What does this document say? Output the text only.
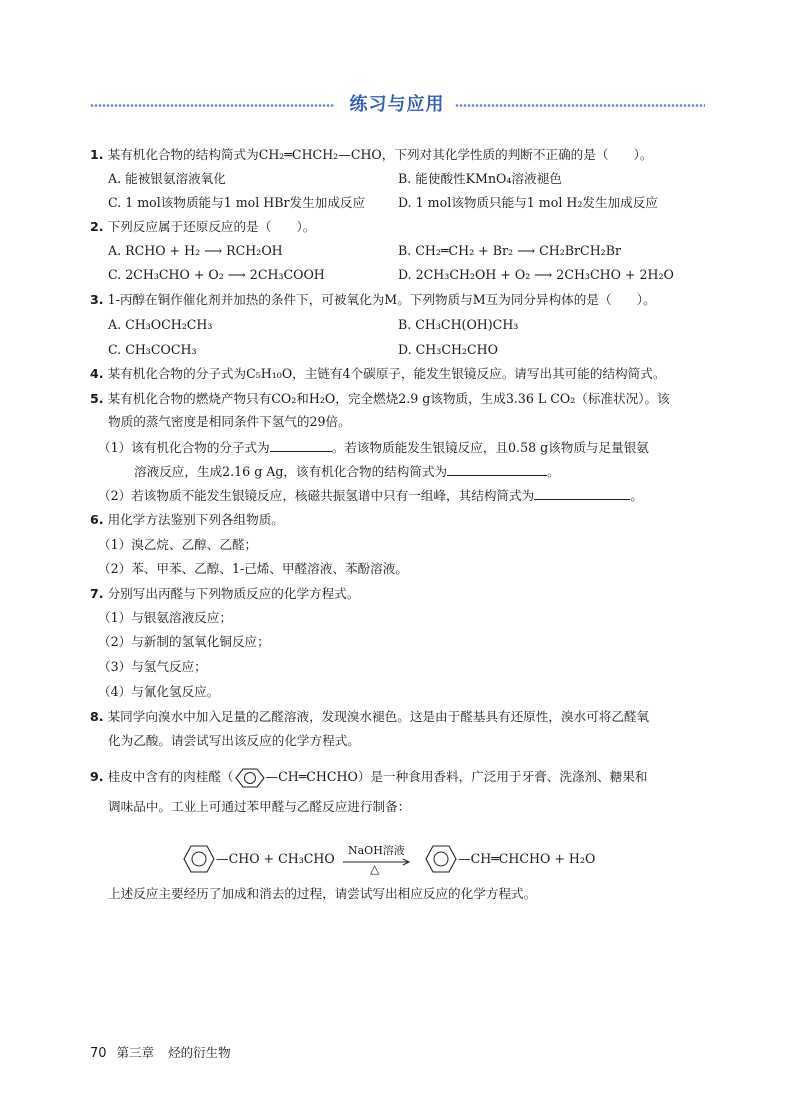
练习与应用
1. 某有机化合物的结构简式为CH₂═CHCH₂—CHO，下列对其化学性质的判断不正确的是（　　）。
A. 能被银氨溶液氧化	B. 能使酸性KMnO₄溶液褪色
C. 1 mol该物质能与1 mol HBr发生加成反应	D. 1 mol该物质只能与1 mol H₂发生加成反应
2. 下列反应属于还原反应的是（　　）。
A. RCHO + H₂ ⟶ RCH₂OH	B. CH₂═CH₂ + Br₂ ⟶ CH₂BrCH₂Br
C. 2CH₃CHO + O₂ ⟶ 2CH₃COOH	D. 2CH₃CH₂OH + O₂ ⟶ 2CH₃CHO + 2H₂O
3. 1-丙醇在铜作催化剂并加热的条件下，可被氧化为M。下列物质与M互为同分异构体的是（　　）。
A. CH₃OCH₂CH₃	B. CH₃CH(OH)CH₃
C. CH₃COCH₃	D. CH₃CH₂CHO
4. 某有机化合物的分子式为C₅H₁₀O，主链有4个碳原子，能发生银镜反应。请写出其可能的结构简式。
5. 某有机化合物的燃烧产物只有CO₂和H₂O，完全燃烧2.9 g该物质，生成3.36 L CO₂（标准状况）。该
物质的蒸气密度是相同条件下氢气的29倍。
（1）该有机化合物的分子式为	。若该物质能发生银镜反应，且0.58 g该物质与足量银氨
溶液反应，生成2.16 g Ag，该有机化合物的结构简式为	。
（2）若该物质不能发生银镜反应，核磁共振氢谱中只有一组峰，其结构简式为	。
6. 用化学方法鉴别下列各组物质。
（1）溴乙烷、乙醇、乙醛；
（2）苯、甲苯、乙醇、1-己烯、甲醛溶液、苯酚溶液。
7. 分别写出丙醛与下列物质反应的化学方程式。
（1）与银氨溶液反应；
（2）与新制的氢氧化铜反应；
（3）与氢气反应；
（4）与氰化氢反应。
8. 某同学向溴水中加入足量的乙醛溶液，发现溴水褪色。这是由于醛基具有还原性，溴水可将乙醛氧
化为乙酸。请尝试写出该反应的化学方程式。
9. 桂皮中含有的肉桂醛（	—CH═CHCHO）是一种食用香料，广泛用于牙膏、洗涤剂、糖果和
调味品中。工业上可通过苯甲醛与乙醛反应进行制备：
—CHO + CH₃CHO
NaOH溶液
△
—CH═CHCHO + H₂O
上述反应主要经历了加成和消去的过程，请尝试写出相应反应的化学方程式。
70 第三章 烃的衍生物
